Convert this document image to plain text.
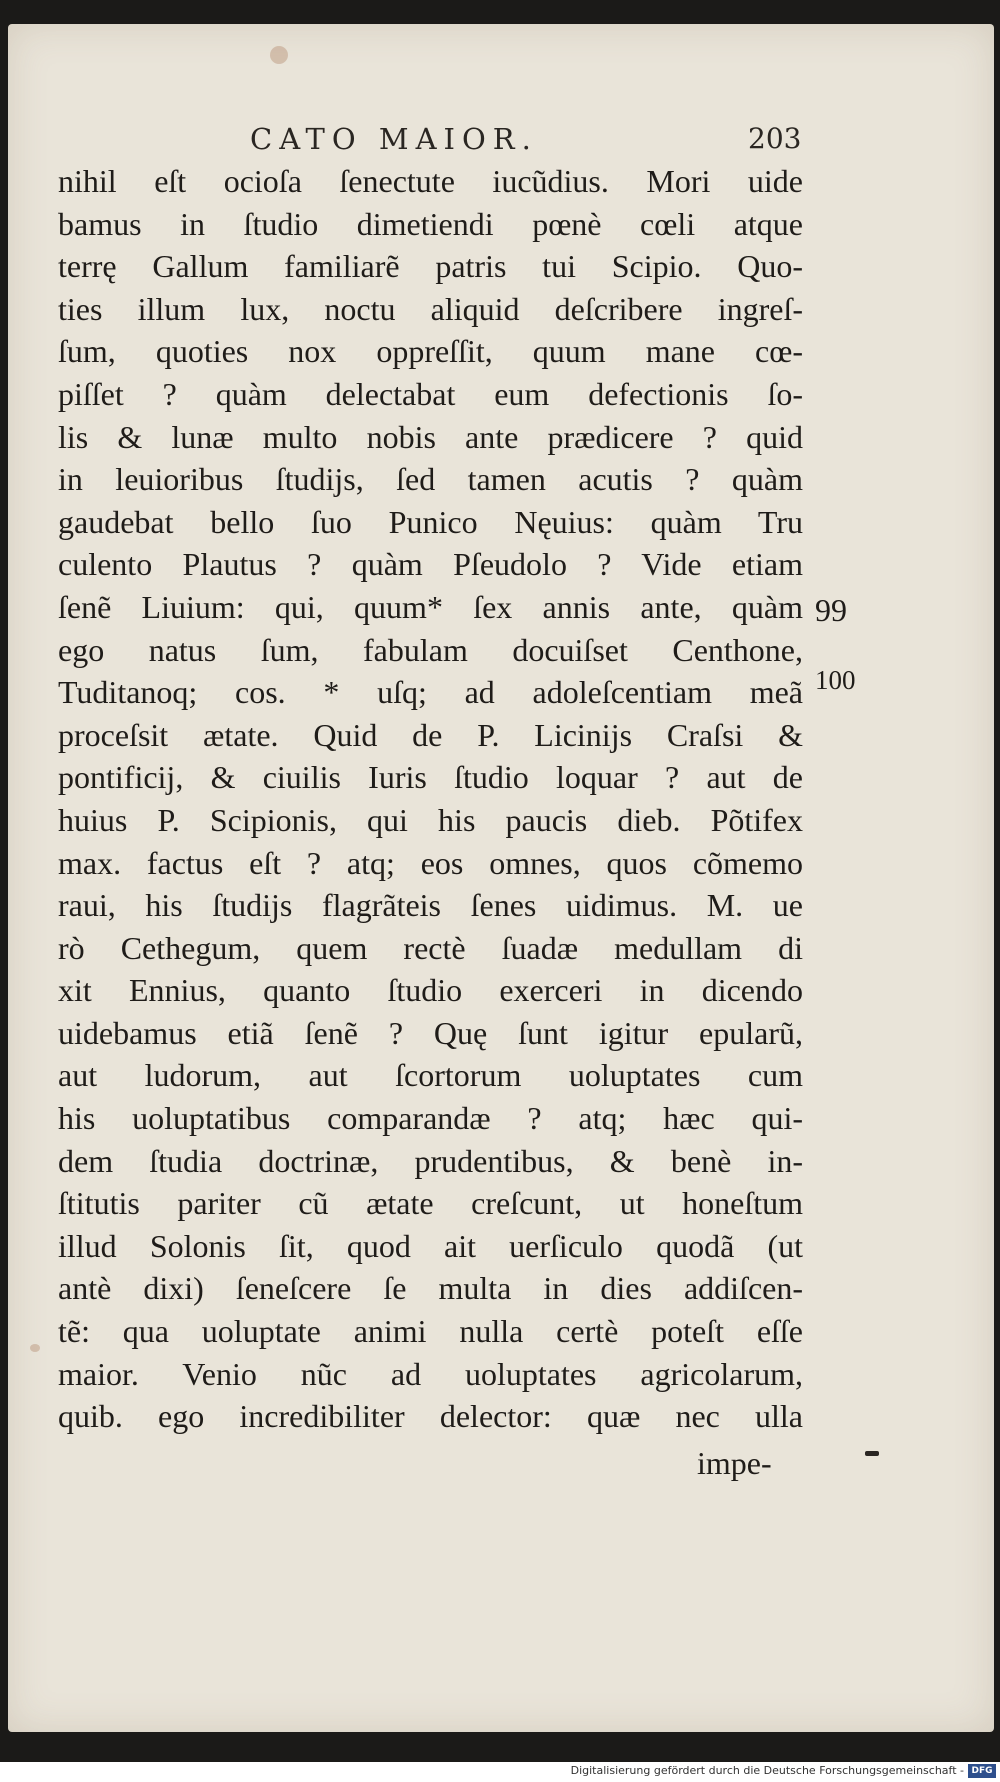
CATO MAIOR.	203
nihil eſt ocioſa ſenectute iucũdius. Mori uide
bamus in ſtudio dimetiendi pœnè cœli atque
terrę Gallum familiarẽ patris tui Scipio. Quo-
ties illum lux, noctu aliquid deſcribere ingreſ-
ſum, quoties nox oppreſſit, quum mane cœ-
piſſet ? quàm delectabat eum defectionis ſo-
lis & lunæ multo nobis ante prædicere ? quid
in leuioribus ſtudijs, ſed tamen acutis ? quàm
gaudebat bello ſuo Punico Nęuius: quàm Tru
culento Plautus ? quàm Pſeudolo ? Vide etiam
ſenẽ Liuium: qui, quum* ſex annis ante, quàm
ego natus ſum, fabulam docuiſset Centhone,
Tuditanoq; cos. * uſq; ad adoleſcentiam meã
proceſsit ætate. Quid de P. Licinijs Craſsi &
pontificij, & ciuilis Iuris ſtudio loquar ? aut de
huius P. Scipionis, qui his paucis dieb. Põtifex
max. factus eſt ? atq; eos omnes, quos cõmemo
raui, his ſtudijs flagrãteis ſenes uidimus. M. ue
rò Cethegum, quem rectè ſuadæ medullam di
xit Ennius, quanto ſtudio exerceri in dicendo
uidebamus etiã ſenẽ ? Quę ſunt igitur epularũ,
aut ludorum, aut ſcortorum uoluptates cum
his uoluptatibus comparandæ ? atq; hæc qui-
dem ſtudia doctrinæ, prudentibus, & benè in-
ſtitutis pariter cũ ætate creſcunt, ut honeſtum
illud Solonis ſit, quod ait uerſiculo quodã (ut
antè dixi) ſeneſcere ſe multa in dies addiſcen-
tẽ: qua uoluptate animi nulla certè poteſt eſſe
maior. Venio nũc ad uoluptates agricolarum,
quib. ego incredibiliter delector: quæ nec ulla
impe-
99
100
Digitalisierung gefördert durch die Deutsche Forschungsgemeinschaft - DFG
